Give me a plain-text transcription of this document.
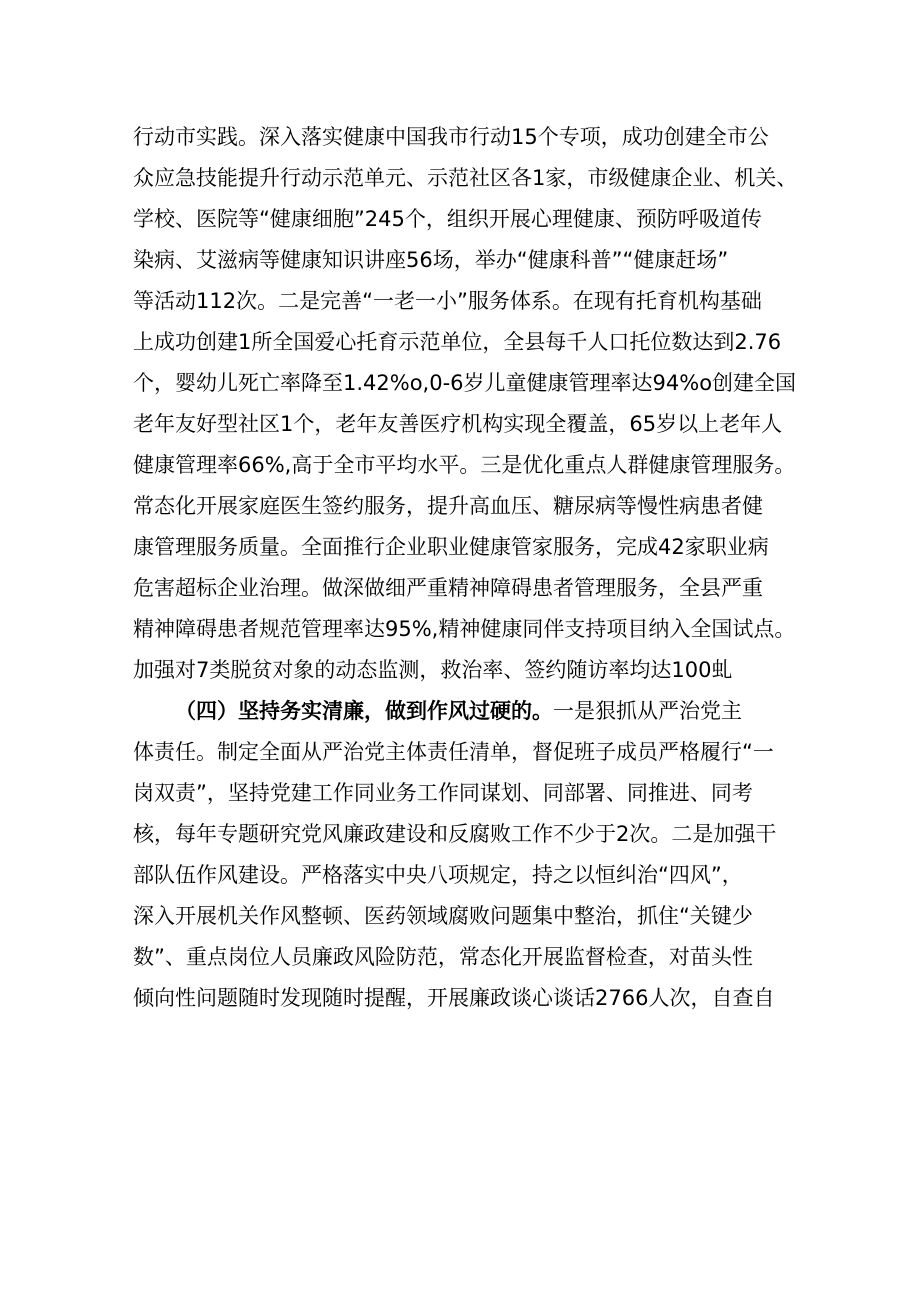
行动市实践。深入落实健康中国我市行动15个专项，成功创建全市公
众应急技能提升行动示范单元、示范社区各1家，市级健康企业、机关、
学校、医院等“健康细胞”245个，组织开展心理健康、预防呼吸道传
染病、艾滋病等健康知识讲座56场，举办“健康科普”“健康赶场”
等活动112次。二是完善“一老一小”服务体系。在现有托育机构基础
上成功创建1所全国爱心托育示范单位，全县每千人口托位数达到2.76
个，婴幼儿死亡率降至1.42%o,0-6岁儿童健康管理率达94%o创建全国
老年友好型社区1个，老年友善医疗机构实现全覆盖，65岁以上老年人
健康管理率66%,高于全市平均水平。三是优化重点人群健康管理服务。
常态化开展家庭医生签约服务，提升高血压、糖尿病等慢性病患者健
康管理服务质量。全面推行企业职业健康管家服务，完成42家职业病
危害超标企业治理。做深做细严重精神障碍患者管理服务，全县严重
精神障碍患者规范管理率达95%,精神健康同伴支持项目纳入全国试点。
加强对7类脱贫对象的动态监测，救治率、签约随访率均达100虬
（四）坚持务实清廉，做到作风过硬的。一是狠抓从严治党主
体责任。制定全面从严治党主体责任清单，督促班子成员严格履行“一
岗双责”，坚持党建工作同业务工作同谋划、同部署、同推进、同考
核，每年专题研究党风廉政建设和反腐败工作不少于2次。二是加强干
部队伍作风建设。严格落实中央八项规定，持之以恒纠治“四风”，
深入开展机关作风整顿、医药领域腐败问题集中整治，抓住“关键少
数”、重点岗位人员廉政风险防范，常态化开展监督检查，对苗头性
倾向性问题随时发现随时提醒，开展廉政谈心谈话2766人次，自查自
